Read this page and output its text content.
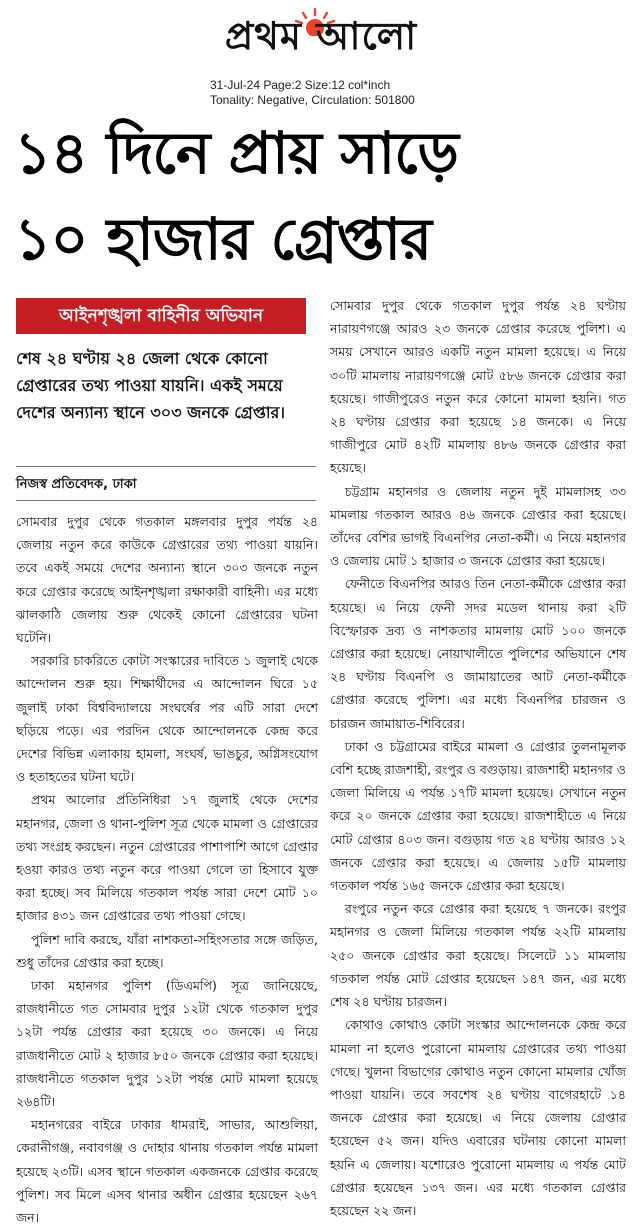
প্রথম আলো
31-Jul-24 Page:2 Size:12 col*inch
Tonality: Negative, Circulation: 501800
১৪ দিনে প্রায় সাড়ে
১০ হাজার গ্রেপ্তার
আইনশৃঙ্খলা বাহিনীর অভিযান
শেষ ২৪ ঘণ্টায় ২৪ জেলা থেকে কোনো গ্রেপ্তারের তথ্য পাওয়া যায়নি। একই সময়ে দেশের অন্যান্য স্থানে ৩০৩ জনকে গ্রেপ্তার।
নিজস্ব প্রতিবেদক, ঢাকা

সোমবার দুপুর থেকে গতকাল মঙ্গলবার দুপুর পর্যন্ত ২৪ জেলায় নতুন করে কাউকে গ্রেপ্তারের তথ্য পাওয়া যায়নি। তবে একই সময়ে দেশের অন্যান্য স্থানে ৩০৩ জনকে নতুন করে গ্রেপ্তার করেছে আইনশৃঙ্খলা রক্ষাকারী বাহিনী। এর মধ্যে ঝালকাঠি জেলায় শুরু থেকেই কোনো গ্রেপ্তারের ঘটনা ঘটেনি।

সরকারি চাকরিতে কোটা সংস্কারের দাবিতে ১ জুলাই থেকে আন্দোলন শুরু হয়। শিক্ষার্থীদের এ আন্দোলন ঘিরে ১৫ জুলাই ঢাকা বিশ্ববিদ্যালয়ে সংঘর্ষের পর এটি সারা দেশে ছড়িয়ে পড়ে। এর পরদিন থেকে আন্দোলনকে কেন্দ্র করে দেশের বিভিন্ন এলাকায় হামলা, সংঘর্ষ, ভাঙচুর, অগ্নিসংযোগ ও হতাহতের ঘটনা ঘটে।

প্রথম আলোর প্রতিনিধিরা ১৭ জুলাই থেকে দেশের মহানগর, জেলা ও থানা-পুলিশ সূত্র থেকে মামলা ও গ্রেপ্তারের তথ্য সংগ্রহ করছেন। নতুন গ্রেপ্তারের পাশাপাশি আগে গ্রেপ্তার হওয়া কারও তথ্য নতুন করে পাওয়া গেলে তা হিসাবে যুক্ত করা হচ্ছে। সব মিলিয়ে গতকাল পর্যন্ত সারা দেশে মোট ১০ হাজার ৪৩১ জন গ্রেপ্তারের তথ্য পাওয়া গেছে।

পুলিশ দাবি করছে, যাঁরা নাশকতা-সহিংসতার সঙ্গে জড়িত, শুধু তাঁদের গ্রেপ্তার করা হচ্ছে।

ঢাকা মহানগর পুলিশ (ডিএমপি) সূত্র জানিয়েছে, রাজধানীতে গত সোমবার দুপুর ১২টা থেকে গতকাল দুপুর ১২টা পর্যন্ত গ্রেপ্তার করা হয়েছে ৩০ জনকে। এ নিয়ে রাজধানীতে মোট ২ হাজার ৮৫০ জনকে গ্রেপ্তার করা হয়েছে। রাজধানীতে গতকাল দুপুর ১২টা পর্যন্ত মোট মামলা হয়েছে ২৬৪টি।

মহানগরের বাইরে ঢাকার ধামরাই, সাভার, আশুলিয়া, কেরানীগঞ্জ, নবাবগঞ্জ ও দোহার থানায় গতকাল পর্যন্ত মামলা হয়েছে ২৩টি। এসব স্থানে গতকাল একজনকে গ্রেপ্তার করেছে পুলিশ। সব মিলে এসব থানার অধীন গ্রেপ্তার হয়েছেন ২৬৭ জন।

সোমবার দুপুর থেকে গতকাল দুপুর পর্যন্ত ২৪ ঘণ্টায় নারায়ণগঞ্জে আরও ২৩ জনকে গ্রেপ্তার করেছে পুলিশ। এ সময় সেখানে আরও একটি নতুন মামলা হয়েছে। এ নিয়ে ৩০টি মামলায় নারায়ণগঞ্জে মোট ৫৮৬ জনকে গ্রেপ্তার করা হয়েছে। গাজীপুরেও নতুন করে কোনো মামলা হয়নি। গত ২৪ ঘণ্টায় গ্রেপ্তার করা হয়েছে ১৪ জনকে। এ নিয়ে গাজীপুরে মোট ৪২টি মামলায় ৪৮৬ জনকে গ্রেপ্তার করা হয়েছে।

চট্টগ্রাম মহানগর ও জেলায় নতুন দুই মামলাসহ ৩৩ মামলায় গতকাল আরও ৪৬ জনকে গ্রেপ্তার করা হয়েছে। তাঁদের বেশির ভাগই বিএনপির নেতা-কর্মী। এ নিয়ে মহানগর ও জেলায় মোট ১ হাজার ৩ জনকে গ্রেপ্তার করা হয়েছে।

ফেনীতে বিএনপির আরও তিন নেতা-কর্মীকে গ্রেপ্তার করা হয়েছে। এ নিয়ে ফেনী সদর মডেল থানায় করা ২টি বিস্ফোরক দ্রব্য ও নাশকতার মামলায় মোট ১০০ জনকে গ্রেপ্তার করা হয়েছে। নোয়াখালীতে পুলিশের অভিযানে শেষ ২৪ ঘণ্টায় বিএনপি ও জামায়াতের আট নেতা-কর্মীকে গ্রেপ্তার করেছে পুলিশ। এর মধ্যে বিএনপির চারজন ও চারজন জামায়াত-শিবিরের।

ঢাকা ও চট্টগ্রামের বাইরে মামলা ও গ্রেপ্তার তুলনামূলক বেশি হচ্ছে রাজশাহী, রংপুর ও বগুড়ায়। রাজশাহী মহানগর ও জেলা মিলিয়ে এ পর্যন্ত ১৭টি মামলা হয়েছে। সেখানে নতুন করে ২০ জনকে গ্রেপ্তার করা হয়েছে। রাজশাহীতে এ নিয়ে মোট গ্রেপ্তার ৪০৩ জন। বগুড়ায় গত ২৪ ঘণ্টায় আরও ১২ জনকে গ্রেপ্তার করা হয়েছে। এ জেলায় ১৫টি মামলায় গতকাল পর্যন্ত ১৬৫ জনকে গ্রেপ্তার করা হয়েছে।

রংপুরে নতুন করে গ্রেপ্তার করা হয়েছে ৭ জনকে। রংপুর মহানগর ও জেলা মিলিয়ে গতকাল পর্যন্ত ২২টি মামলায় ২৫০ জনকে গ্রেপ্তার করা হয়েছে। সিলেটে ১১ মামলায় গতকাল পর্যন্ত মোট গ্রেপ্তার হয়েছেন ১৪৭ জন, এর মধ্যে শেষ ২৪ ঘণ্টায় চারজন।

কোথাও কোথাও কোটা সংস্কার আন্দোলনকে কেন্দ্র করে মামলা না হলেও পুরোনো মামলায় গ্রেপ্তারের তথ্য পাওয়া গেছে। খুলনা বিভাগের কোথাও নতুন কোনো মামলার খোঁজ পাওয়া যায়নি। তবে সবশেষ ২৪ ঘণ্টায় বাগেরহাটে ১৪ জনকে গ্রেপ্তার করা হয়েছে। এ নিয়ে জেলায় গ্রেপ্তার হয়েছেন ৫২ জন। যদিও এবারের ঘটনায় কোনো মামলা হয়নি এ জেলায়। যশোরেও পুরোনো মামলায় এ পর্যন্ত মোট গ্রেপ্তার হয়েছেন ১৩৭ জন। এর মধ্যে গতকাল গ্রেপ্তার হয়েছেন ২২ জন।
